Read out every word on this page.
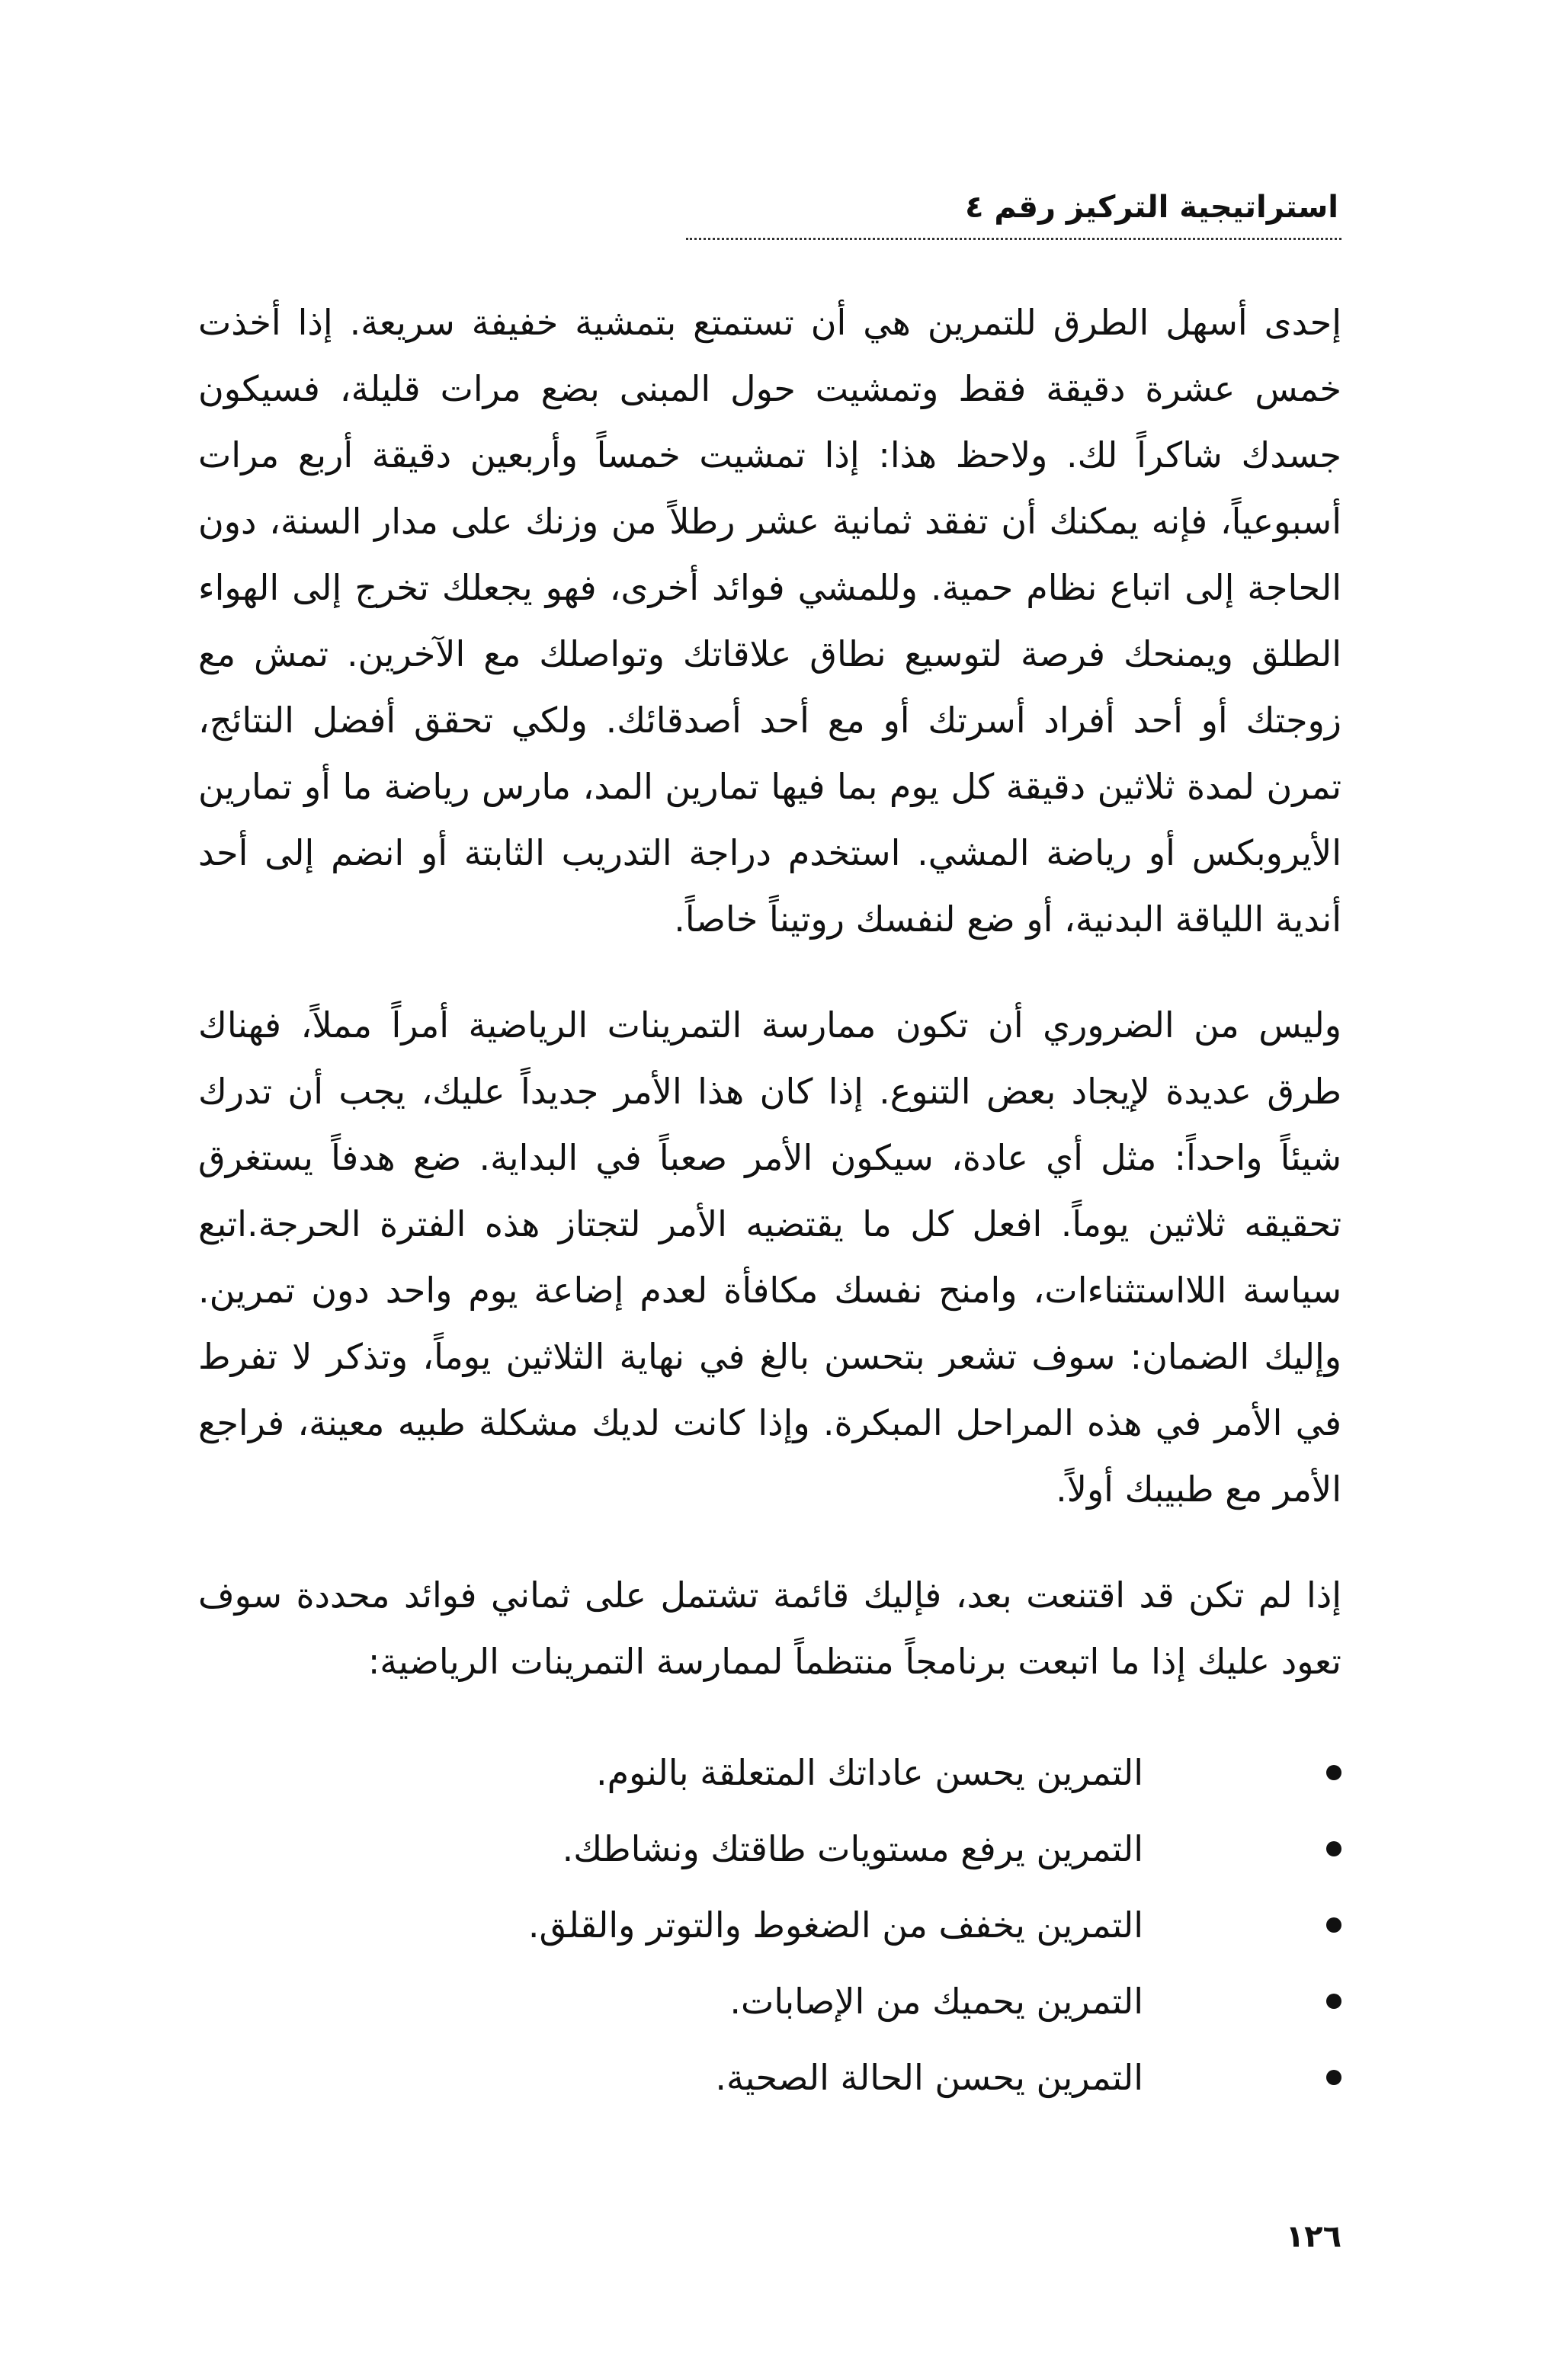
استراتيجية التركيز رقم ٤

إحدى أسهل الطرق للتمرين هي أن تستمتع بتمشية خفيفة سريعة. إذا أخذت خمس عشرة دقيقة فقط وتمشيت حول المبنى بضع مرات قليلة، فسيكون جسدك شاكراً لك. ولاحظ هذا: إذا تمشيت خمساً وأربعين دقيقة أربع مرات أسبوعياً، فإنه يمكنك أن تفقد ثمانية عشر رطلاً من وزنك على مدار السنة، دون الحاجة إلى اتباع نظام حمية. وللمشي فوائد أخرى، فهو يجعلك تخرج إلى الهواء الطلق ويمنحك فرصة لتوسيع نطاق علاقاتك وتواصلك مع الآخرين. تمش مع زوجتك أو أحد أفراد أسرتك أو مع أحد أصدقائك. ولكي تحقق أفضل النتائج، تمرن لمدة ثلاثين دقيقة كل يوم بما فيها تمارين المد، مارس رياضة ما أو تمارين الأيروبكس أو رياضة المشي. استخدم دراجة التدريب الثابتة أو انضم إلى أحد أندية اللياقة البدنية، أو ضع لنفسك روتيناً خاصاً.

وليس من الضروري أن تكون ممارسة التمرينات الرياضية أمراً مملاً، فهناك طرق عديدة لإيجاد بعض التنوع. إذا كان هذا الأمر جديداً عليك، يجب أن تدرك شيئاً واحداً: مثل أي عادة، سيكون الأمر صعباً في البداية. ضع هدفاً يستغرق تحقيقه ثلاثين يوماً. افعل كل ما يقتضيه الأمر لتجتاز هذه الفترة الحرجة.اتبع سياسة اللااستثناءات، وامنح نفسك مكافأة لعدم إضاعة يوم واحد دون تمرين. وإليك الضمان: سوف تشعر بتحسن بالغ في نهاية الثلاثين يوماً، وتذكر لا تفرط في الأمر في هذه المراحل المبكرة. وإذا كانت لديك مشكلة طبيه معينة، فراجع الأمر مع طبيبك أولاً.

إذا لم تكن قد اقتنعت بعد، فإليك قائمة تشتمل على ثماني فوائد محددة سوف تعود عليك إذا ما اتبعت برنامجاً منتظماً لممارسة التمرينات الرياضية:

التمرين يحسن عاداتك المتعلقة بالنوم.
التمرين يرفع مستويات طاقتك ونشاطك.
التمرين يخفف من الضغوط والتوتر والقلق.
التمرين يحميك من الإصابات.
التمرين يحسن الحالة الصحية.
١٢٦
